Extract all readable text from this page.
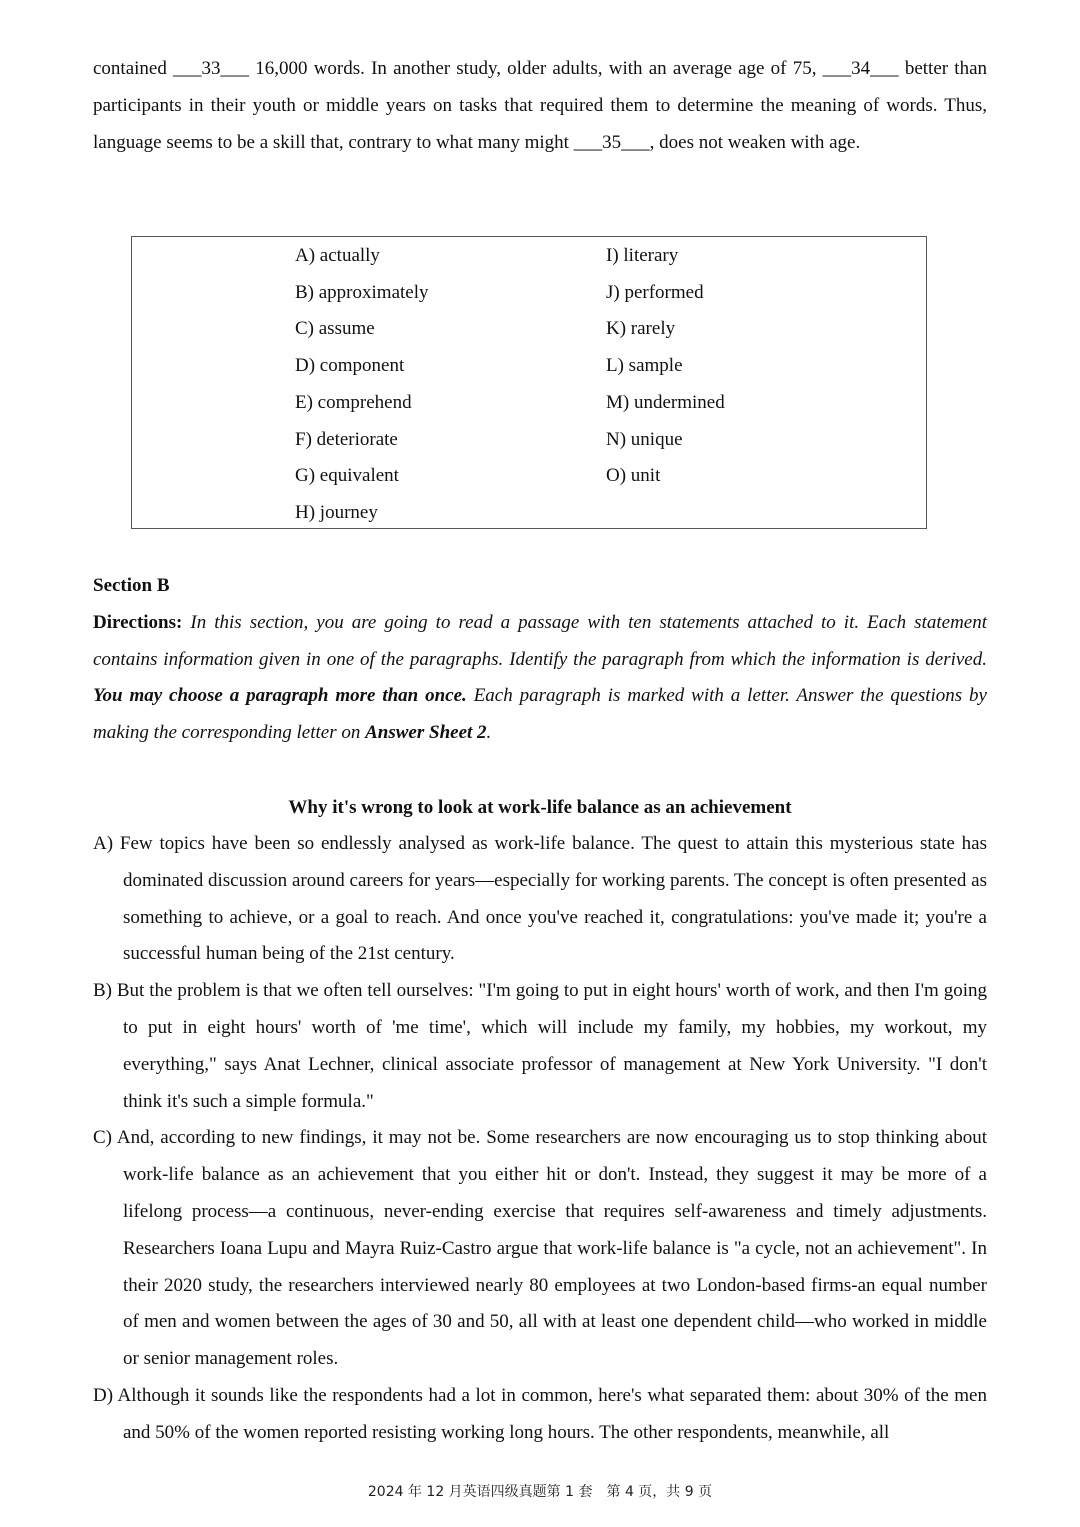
contained ___33___ 16,000 words. In another study, older adults, with an average age of 75, ___34___ better than participants in their youth or middle years on tasks that required them to determine the meaning of words. Thus, language seems to be a skill that, contrary to what many might ___35___, does not weaken with age.

A) actually
B) approximately
C) assume
D) component
E) comprehend
F) deteriorate
G) equivalent
H) journey
I) literary
J) performed
K) rarely
L) sample
M) undermined
N) unique
O) unit
Section B

Directions: In this section, you are going to read a passage with ten statements attached to it. Each statement contains information given in one of the paragraphs. Identify the paragraph from which the information is derived. You may choose a paragraph more than once. Each paragraph is marked with a letter. Answer the questions by making the corresponding letter on Answer Sheet 2.

Why it's wrong to look at work-life balance as an achievement

A) Few topics have been so endlessly analysed as work-life balance. The quest to attain this mysterious state has dominated discussion around careers for years—especially for working parents. The concept is often presented as something to achieve, or a goal to reach. And once you've reached it, congratulations: you've made it; you're a successful human being of the 21st century.

B) But the problem is that we often tell ourselves: "I'm going to put in eight hours' worth of work, and then I'm going to put in eight hours' worth of 'me time', which will include my family, my hobbies, my workout, my everything," says Anat Lechner, clinical associate professor of management at New York University. "I don't think it's such a simple formula."

C) And, according to new findings, it may not be. Some researchers are now encouraging us to stop thinking about work-life balance as an achievement that you either hit or don't. Instead, they suggest it may be more of a lifelong process—a continuous, never-ending exercise that requires self-awareness and timely adjustments. Researchers Ioana Lupu and Mayra Ruiz-Castro argue that work-life balance is "a cycle, not an achievement". In their 2020 study, the researchers interviewed nearly 80 employees at two London-based firms-an equal number of men and women between the ages of 30 and 50, all with at least one dependent child—who worked in middle or senior management roles.

D) Although it sounds like the respondents had a lot in common, here's what separated them: about 30% of the men and 50% of the women reported resisting working long hours. The other respondents, meanwhile, all

2024 年 12 月英语四级真题第 1 套　第 4 页，共 9 页
